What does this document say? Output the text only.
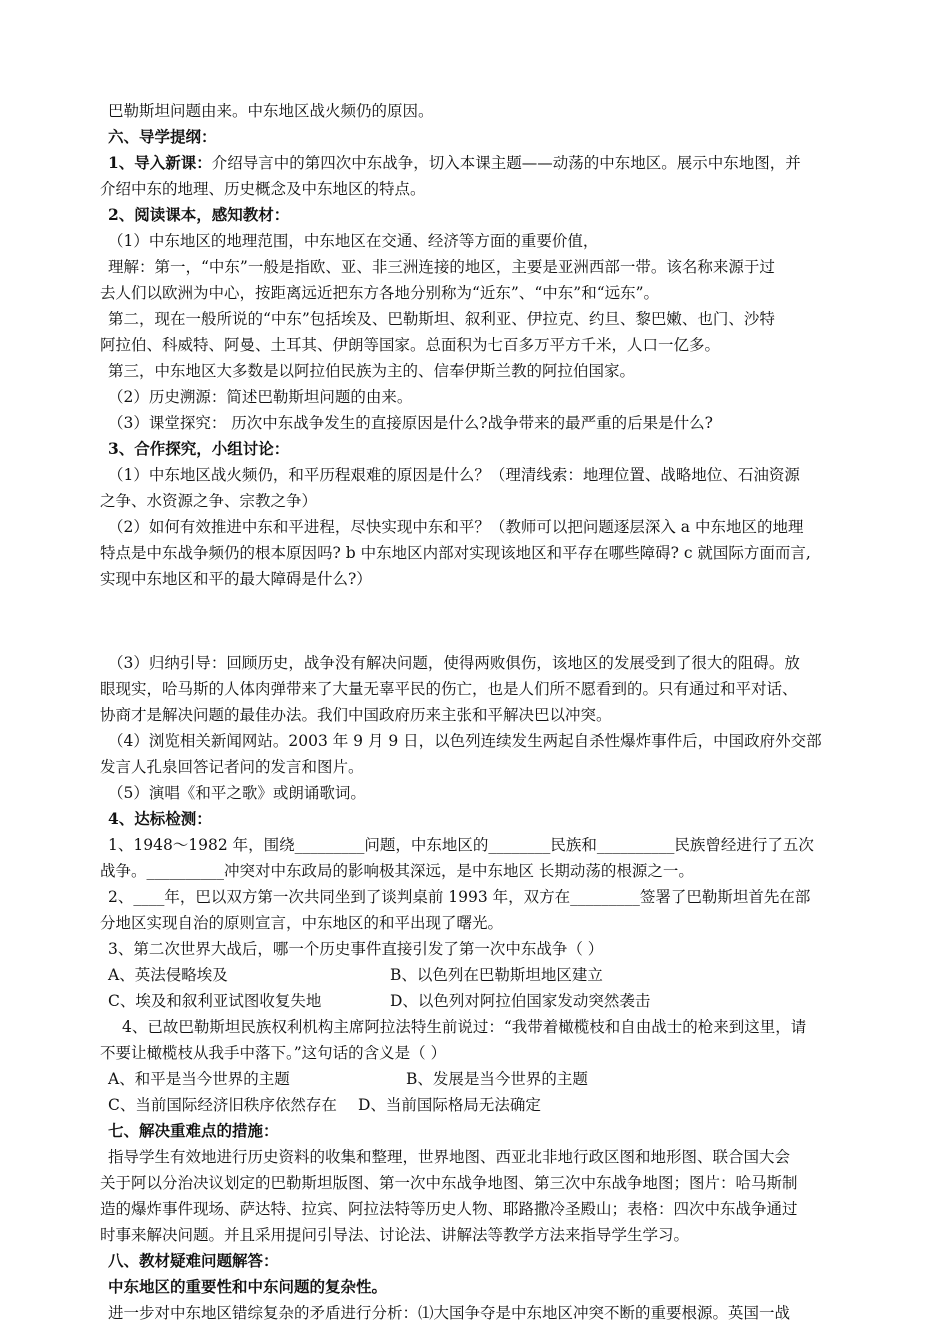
巴勒斯坦问题由来。中东地区战火频仍的原因。
六、导学提纲：
1、导入新课：介绍导言中的第四次中东战争，切入本课主题——动荡的中东地区。展示中东地图，并
介绍中东的地理、历史概念及中东地区的特点。
2、阅读课本，感知教材：
（1）中东地区的地理范围，中东地区在交通、经济等方面的重要价值，
理解：第一，“中东”一般是指欧、亚、非三洲连接的地区，主要是亚洲西部一带。该名称来源于过
去人们以欧洲为中心，按距离远近把东方各地分别称为“近东”、“中东”和“远东”。
第二，现在一般所说的“中东”包括埃及、巴勒斯坦、叙利亚、伊拉克、约旦、黎巴嫩、也门、沙特
阿拉伯、科威特、阿曼、土耳其、伊朗等国家。总面积为七百多万平方千米，人口一亿多。
第三，中东地区大多数是以阿拉伯民族为主的、信奉伊斯兰教的阿拉伯国家。
（2）历史溯源：简述巴勒斯坦问题的由来。
（3）课堂探究： 历次中东战争发生的直接原因是什么?战争带来的最严重的后果是什么?
3、合作探究，小组讨论：
（1）中东地区战火频仍，和平历程艰难的原因是什么？（理清线索：地理位置、战略地位、石油资源
之争、水资源之争、宗教之争）
（2）如何有效推进中东和平进程，尽快实现中东和平？（教师可以把问题逐层深入 a 中东地区的地理
特点是中东战争频仍的根本原因吗? b 中东地区内部对实现该地区和平存在哪些障碍? c 就国际方面而言,
实现中东地区和平的最大障碍是什么?）
（3）归纳引导：回顾历史，战争没有解决问题，使得两败俱伤，该地区的发展受到了很大的阻碍。放
眼现实，哈马斯的人体肉弹带来了大量无辜平民的伤亡，也是人们所不愿看到的。只有通过和平对话、
协商才是解决问题的最佳办法。我们中国政府历来主张和平解决巴以冲突。
（4）浏览相关新闻网站。2003 年 9 月 9 日，以色列连续发生两起自杀性爆炸事件后，中国政府外交部
发言人孔泉回答记者问的发言和图片。
（5）演唱《和平之歌》或朗诵歌词。
4、达标检测：
1、1948～1982 年，围绕_________问题，中东地区的________民族和__________民族曾经进行了五次
战争。__________冲突对中东政局的影响极其深远，是中东地区 长期动荡的根源之一。
2、____年，巴以双方第一次共同坐到了谈判桌前 1993 年，双方在_________签署了巴勒斯坦首先在部
分地区实现自治的原则宣言，中东地区的和平出现了曙光。
3、第二次世界大战后，哪一个历史事件直接引发了第一次中东战争（ ）
A、英法侵略埃及	B、以色列在巴勒斯坦地区建立
C、埃及和叙利亚试图收复失地	D、以色列对阿拉伯国家发动突然袭击
4、已故巴勒斯坦民族权利机构主席阿拉法特生前说过：“我带着橄榄枝和自由战士的枪来到这里，请
不要让橄榄枝从我手中落下。”这句话的含义是（ ）
A、和平是当今世界的主题	B、发展是当今世界的主题
C、当前国际经济旧秩序依然存在	D、当前国际格局无法确定
七、解决重难点的措施：
指导学生有效地进行历史资料的收集和整理，世界地图、西亚北非地行政区图和地形图、联合国大会
关于阿以分治决议划定的巴勒斯坦版图、第一次中东战争地图、第三次中东战争地图；图片：哈马斯制
造的爆炸事件现场、萨达特、拉宾、阿拉法特等历史人物、耶路撒冷圣殿山；表格：四次中东战争通过
时事来解决问题。并且采用提问引导法、讨论法、讲解法等教学方法来指导学生学习。
八、教材疑难问题解答：
中东地区的重要性和中东问题的复杂性。
进一步对中东地区错综复杂的矛盾进行分析：⑴大国争夺是中东地区冲突不断的重要根源。英国一战
